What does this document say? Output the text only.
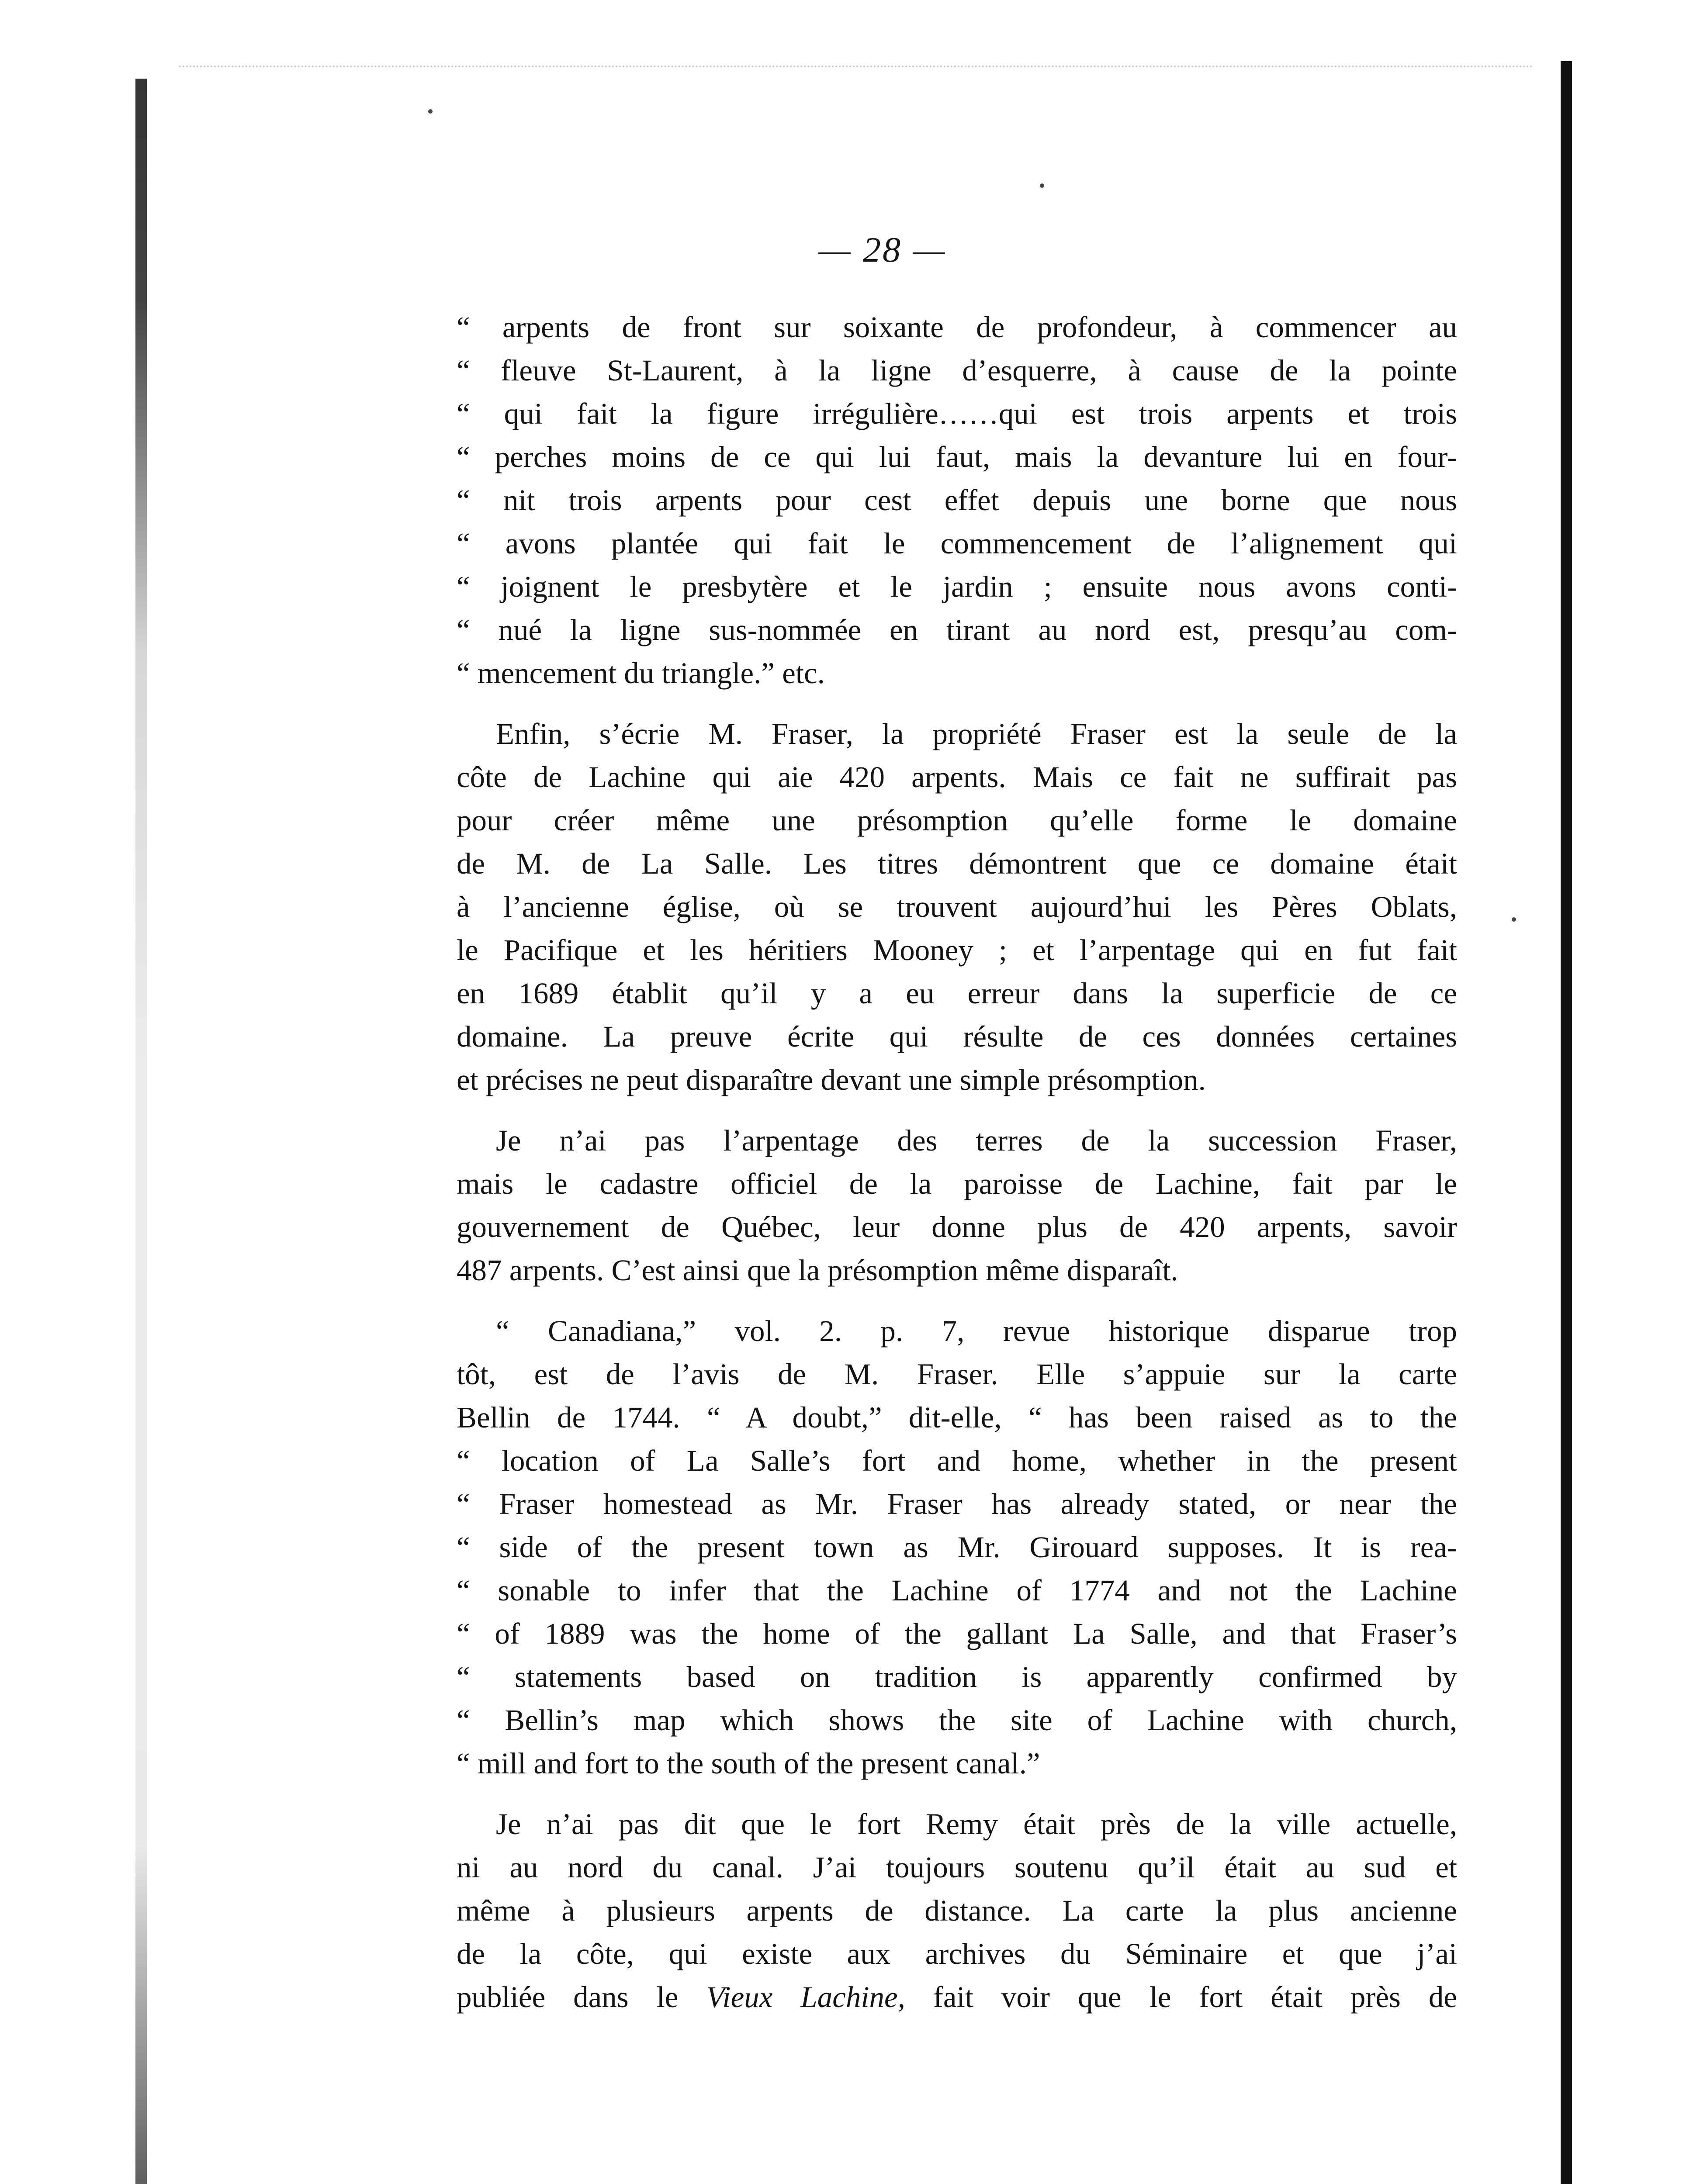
— 28 —
“ arpents de front sur soixante de profondeur, à commencer au
“ fleuve St-Laurent, à la ligne d’esquerre, à cause de la pointe
“ qui fait la figure irrégulière……qui est trois arpents et trois
“ perches moins de ce qui lui faut, mais la devanture lui en four-
“ nit trois arpents pour cest effet depuis une borne que nous
“ avons plantée qui fait le commencement de l’alignement qui
“ joignent le presbytère et le jardin ; ensuite nous avons conti-
“ nué la ligne sus-nommée en tirant au nord est, presqu’au com-
“ mencement du triangle.” etc.
Enfin, s’écrie M. Fraser, la propriété Fraser est la seule de la
côte de Lachine qui aie 420 arpents. Mais ce fait ne suffirait pas
pour créer même une présomption qu’elle forme le domaine
de M. de La Salle. Les titres démontrent que ce domaine était
à l’ancienne église, où se trouvent aujourd’hui les Pères Oblats,
le Pacifique et les héritiers Mooney ; et l’arpentage qui en fut fait
en 1689 établit qu’il y a eu erreur dans la superficie de ce
domaine. La preuve écrite qui résulte de ces données certaines
et précises ne peut disparaître devant une simple présomption.
Je n’ai pas l’arpentage des terres de la succession Fraser,
mais le cadastre officiel de la paroisse de Lachine, fait par le
gouvernement de Québec, leur donne plus de 420 arpents, savoir
487 arpents. C’est ainsi que la présomption même disparaît.
“ Canadiana,” vol. 2. p. 7, revue historique disparue trop
tôt, est de l’avis de M. Fraser. Elle s’appuie sur la carte
Bellin de 1744. “ A doubt,” dit-elle, “ has been raised as to the
“ location of La Salle’s fort and home, whether in the present
“ Fraser homestead as Mr. Fraser has already stated, or near the
“ side of the present town as Mr. Girouard supposes. It is rea-
“ sonable to infer that the Lachine of 1774 and not the Lachine
“ of 1889 was the home of the gallant La Salle, and that Fraser’s
“ statements based on tradition is apparently confirmed by
“ Bellin’s map which shows the site of Lachine with church,
“ mill and fort to the south of the present canal.”
Je n’ai pas dit que le fort Remy était près de la ville actuelle,
ni au nord du canal. J’ai toujours soutenu qu’il était au sud et
même à plusieurs arpents de distance. La carte la plus ancienne
de la côte, qui existe aux archives du Séminaire et que j’ai
publiée dans le Vieux Lachine, fait voir que le fort était près de
